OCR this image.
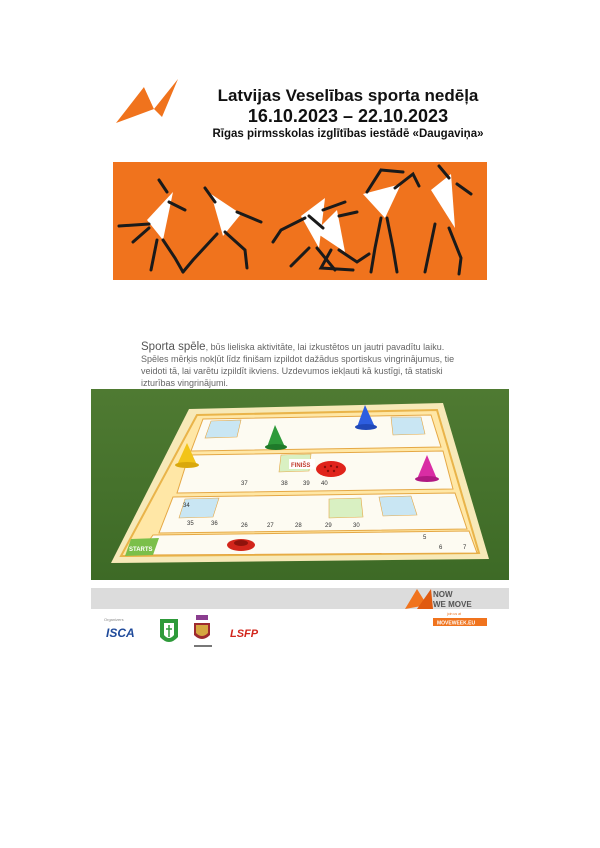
Latvijas Veselības sporta nedēļa
16.10.2023 – 22.10.2023
Rīgas pirmsskolas izglītības iestādē «Daugaviņa»
Sporta spēle, būs lieliska aktivitāte, lai izkustētos un jautri pavadītu laiku. Spēles mērķis nokļūt līdz finišam izpildot dažādus sportiskus vingrinājumus, tie veidoti tā, lai varētu izpildīt ikviens. Uzdevumos iekļauti kā kustīgi, tā statiski izturības vingrinājumi.
STARTS
FINIŠS
37	38	39 40
34
35	36	26	27	28	29	30
5
6	7
NOW
WE MOVE
join us at
MOVEWEEK.EU
Organizers
ISCA	LSFP
